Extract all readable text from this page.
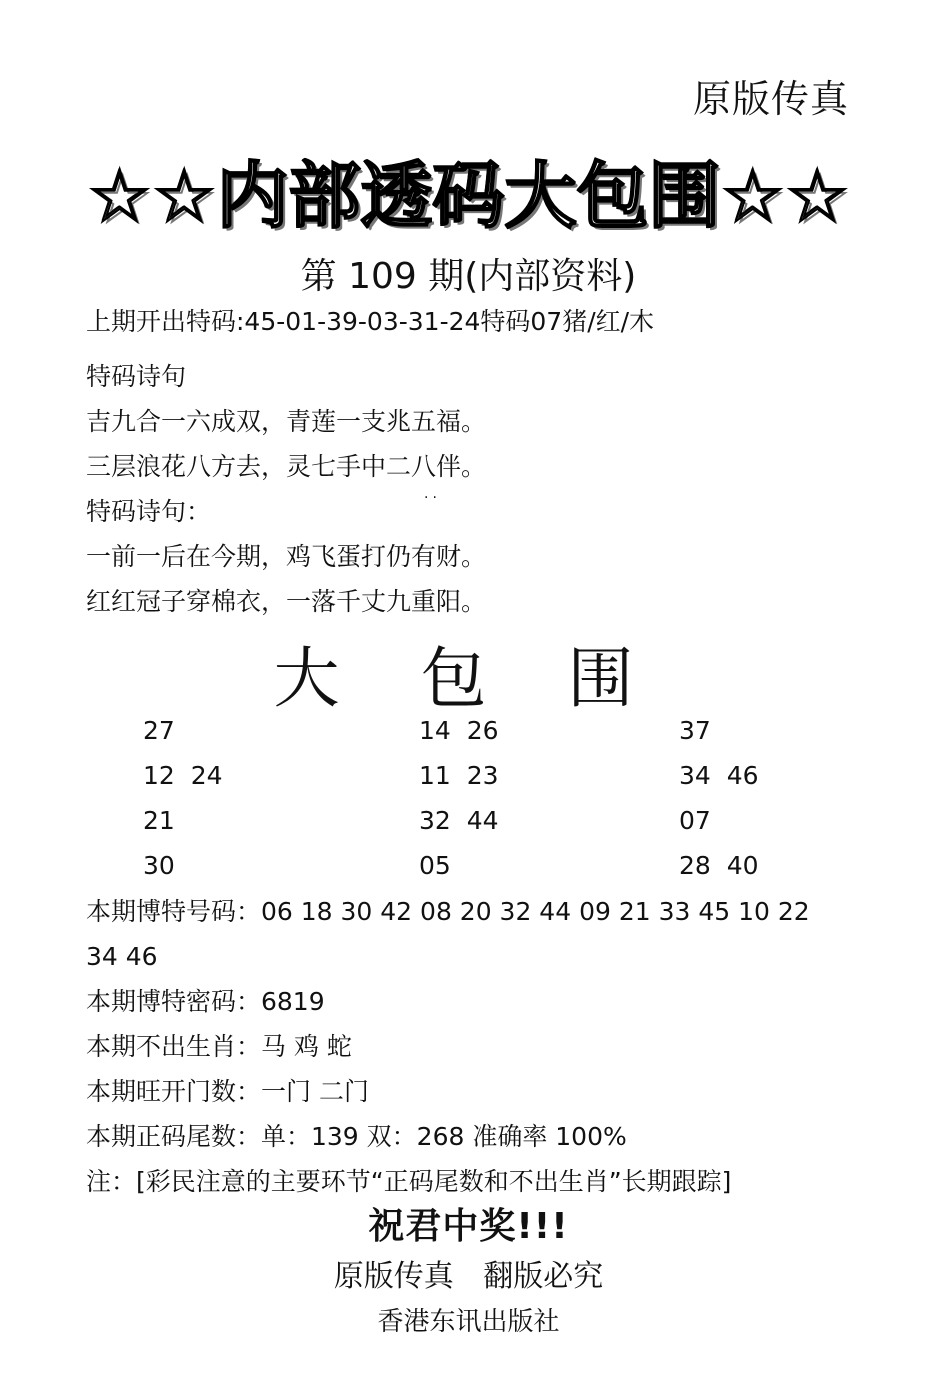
原版传真
☆☆内部透码大包围☆☆
第 109 期(内部资料)
上期开出特码:45-01-39-03-31-24特码07猪/红/木
特码诗句
吉九合一六成双，青莲一支兆五福。
三层浪花八方去，灵七手中二八伴。
特码诗句：	··
一前一后在今期，鸡飞蛋打仍有财。
红红冠子穿棉衣，一落千丈九重阳。
大 包 围
27	14 26	37
12 24	11 23	34 46
21	32 44	07
30	05	28 40
本期博特号码：06 18 30 42 08 20 32 44 09 21 33 45 10 22
34 46
本期博特密码：6819
本期不出生肖：马 鸡 蛇
本期旺开门数：一门 二门
本期正码尾数：单：139 双：268 准确率 100%
注：[彩民注意的主要环节“正码尾数和不出生肖”长期跟踪]
祝君中奖!!!
原版传真 翻版必究
香港东讯出版社
